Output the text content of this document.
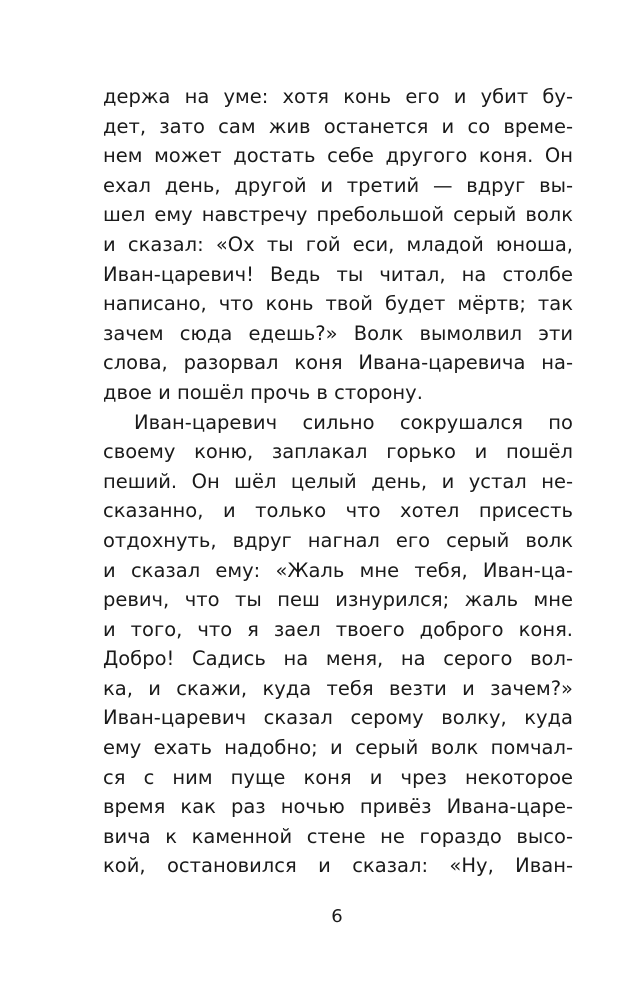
держа на уме: хотя конь его и убит бу-
дет, зато сам жив останется и со време-
нем может достать себе другого коня. Он
ехал день, другой и третий — вдруг вы-
шел ему навстречу пребольшой серый волк
и сказал: «Ох ты гой еси, младой юноша,
Иван-царевич! Ведь ты читал, на столбе
написано, что конь твой будет мёртв; так
зачем сюда едешь?» Волк вымолвил эти
слова, разорвал коня Ивана-царевича на-
двое и пошёл прочь в сторону.
Иван-царевич сильно сокрушался по
своему коню, заплакал горько и пошёл
пеший. Он шёл целый день, и устал не-
сказанно, и только что хотел присесть
отдохнуть, вдруг нагнал его серый волк
и сказал ему: «Жаль мне тебя, Иван-ца-
ревич, что ты пеш изнурился; жаль мне
и того, что я заел твоего доброго коня.
Добро! Садись на меня, на серого вол-
ка, и скажи, куда тебя везти и зачем?»
Иван-царевич сказал серому волку, куда
ему ехать надобно; и серый волк помчал-
ся с ним пуще коня и чрез некоторое
время как раз ночью привёз Ивана-царе-
вича к каменной стене не гораздо высо-
кой, остановился и сказал: «Ну, Иван-
6
